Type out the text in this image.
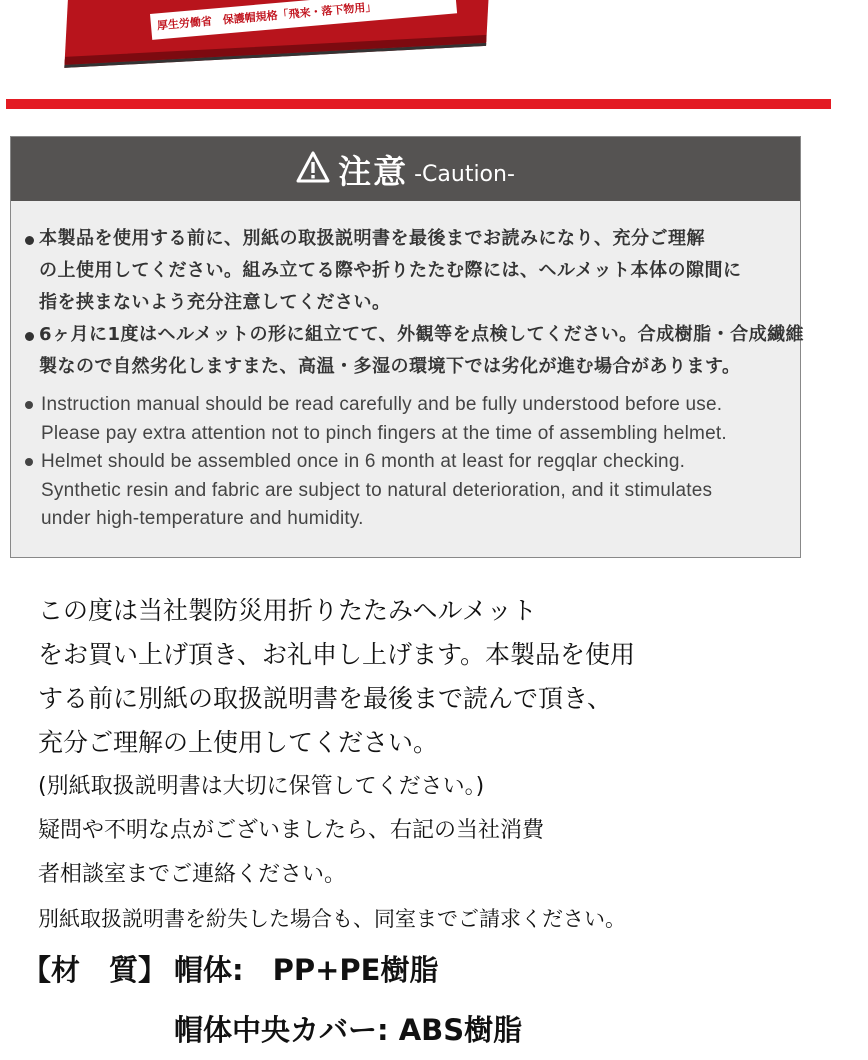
厚生労働省　保護帽規格「飛来・落下物用」
注意 -Caution-
本製品を使用する前に、別紙の取扱説明書を最後までお読みになり、充分ご理解
の上使用してください。組み立てる際や折りたたむ際には、ヘルメット本体の隙間に
指を挟まないよう充分注意してください。
6ヶ月に1度はヘルメットの形に組立てて、外観等を点検してください。合成樹脂・合成繊維
製なので自然劣化しますまた、高温・多湿の環境下では劣化が進む場合があります。
Instruction manual should be read carefully and be fully understood before use.
Please pay extra attention not to pinch fingers at the time of assembling helmet.
Helmet should be assembled once in 6 month at least for regqlar checking.
Synthetic resin and fabric are subject to natural deterioration, and it stimulates
under high-temperature and humidity.
この度は当社製防災用折りたたみヘルメット
をお買い上げ頂き、お礼申し上げます。本製品を使用
する前に別紙の取扱説明書を最後まで読んで頂き、
充分ご理解の上使用してください。
(別紙取扱説明書は大切に保管してください。)
疑問や不明な点がございましたら、右記の当社消費
者相談室までご連絡ください。
別紙取扱説明書を紛失した場合も、同室までご請求ください。
【材　質】 帽体:　PP+PE樹脂
帽体中央カバー: ABS樹脂
